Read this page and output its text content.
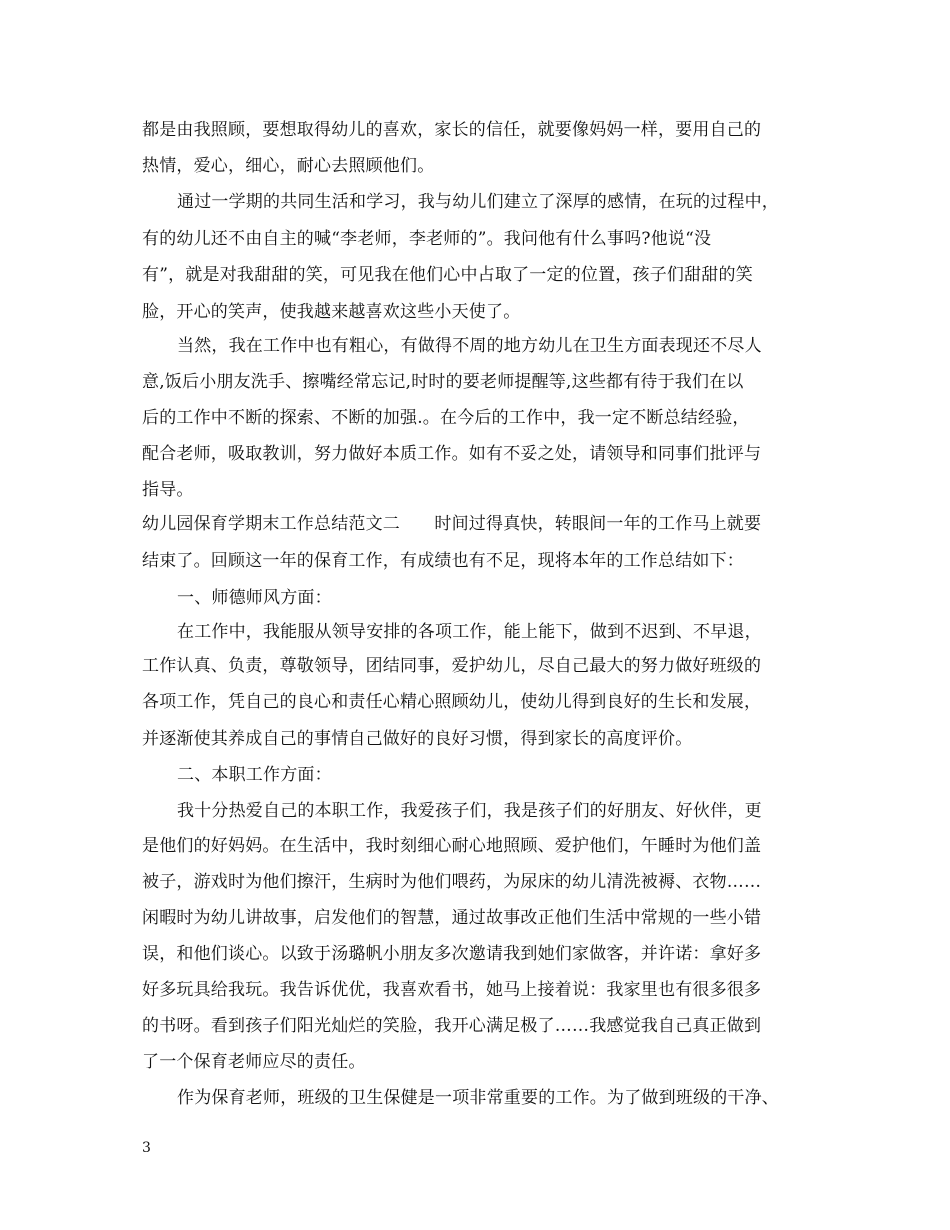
都是由我照顾，要想取得幼儿的喜欢，家长的信任，就要像妈妈一样，要用自己的
热情，爱心，细心，耐心去照顾他们。
通过一学期的共同生活和学习，我与幼儿们建立了深厚的感情，在玩的过程中，
有的幼儿还不由自主的喊“李老师，李老师的”。我问他有什么事吗?他说“没
有”，就是对我甜甜的笑，可见我在他们心中占取了一定的位置，孩子们甜甜的笑
脸，开心的笑声，使我越来越喜欢这些小天使了。
当然，我在工作中也有粗心，有做得不周的地方幼儿在卫生方面表现还不尽人
意,饭后小朋友洗手、擦嘴经常忘记,时时的要老师提醒等,这些都有待于我们在以
后的工作中不断的探索、不断的加强.。在今后的工作中，我一定不断总结经验，
配合老师，吸取教训，努力做好本质工作。如有不妥之处，请领导和同事们批评与
指导。
幼儿园保育学期末工作总结范文二　　时间过得真快，转眼间一年的工作马上就要
结束了。回顾这一年的保育工作，有成绩也有不足，现将本年的工作总结如下：
一、师德师风方面：
在工作中，我能服从领导安排的各项工作，能上能下，做到不迟到、不早退，
工作认真、负责，尊敬领导，团结同事，爱护幼儿，尽自己最大的努力做好班级的
各项工作，凭自己的良心和责任心精心照顾幼儿，使幼儿得到良好的生长和发展，
并逐渐使其养成自己的事情自己做好的良好习惯，得到家长的高度评价。
二、本职工作方面：
我十分热爱自己的本职工作，我爱孩子们，我是孩子们的好朋友、好伙伴，更
是他们的好妈妈。在生活中，我时刻细心耐心地照顾、爱护他们，午睡时为他们盖
被子，游戏时为他们擦汗，生病时为他们喂药，为尿床的幼儿清洗被褥、衣物……
闲暇时为幼儿讲故事，启发他们的智慧，通过故事改正他们生活中常规的一些小错
误，和他们谈心。以致于汤璐帆小朋友多次邀请我到她们家做客，并许诺：拿好多
好多玩具给我玩。我告诉优优，我喜欢看书，她马上接着说：我家里也有很多很多
的书呀。看到孩子们阳光灿烂的笑脸，我开心满足极了……我感觉我自己真正做到
了一个保育老师应尽的责任。
作为保育老师，班级的卫生保健是一项非常重要的工作。为了做到班级的干净、
3
